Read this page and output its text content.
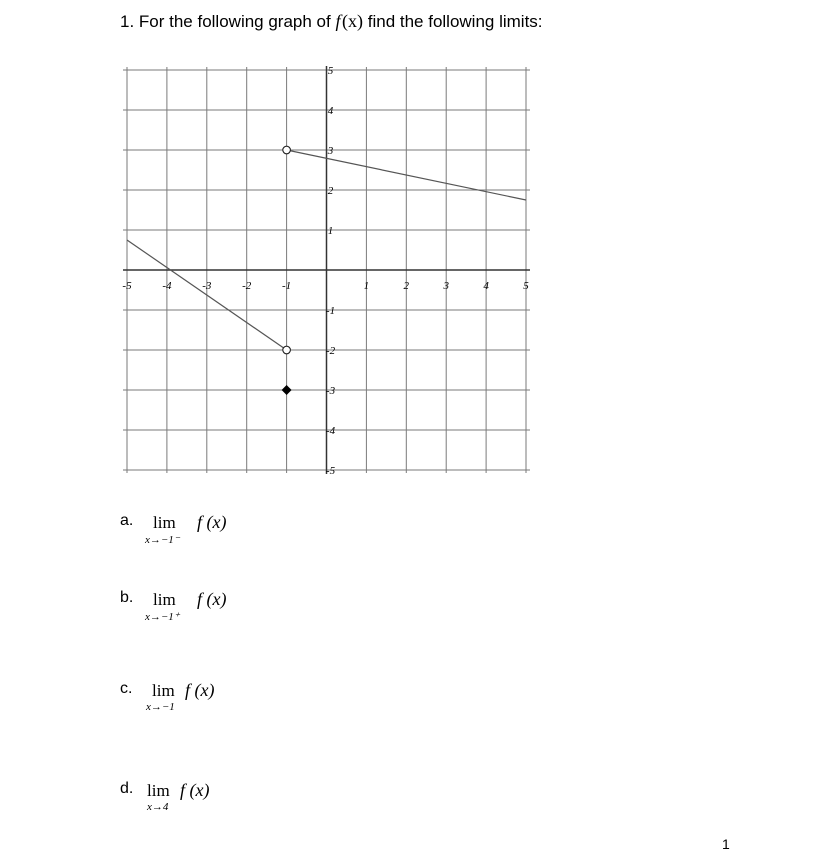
1. For the following graph of f (x) find the following limits:
-5	-4	-3	-2	-1	1	2	3	4	5
5
4
3
2
1
-1
-2
-3
-4
-5
a. lim
x→−1⁻
f (x)
b. lim
x→−1⁺
f (x)
c. lim
x→−1
f (x)
d. lim
x→4
f (x)
1
